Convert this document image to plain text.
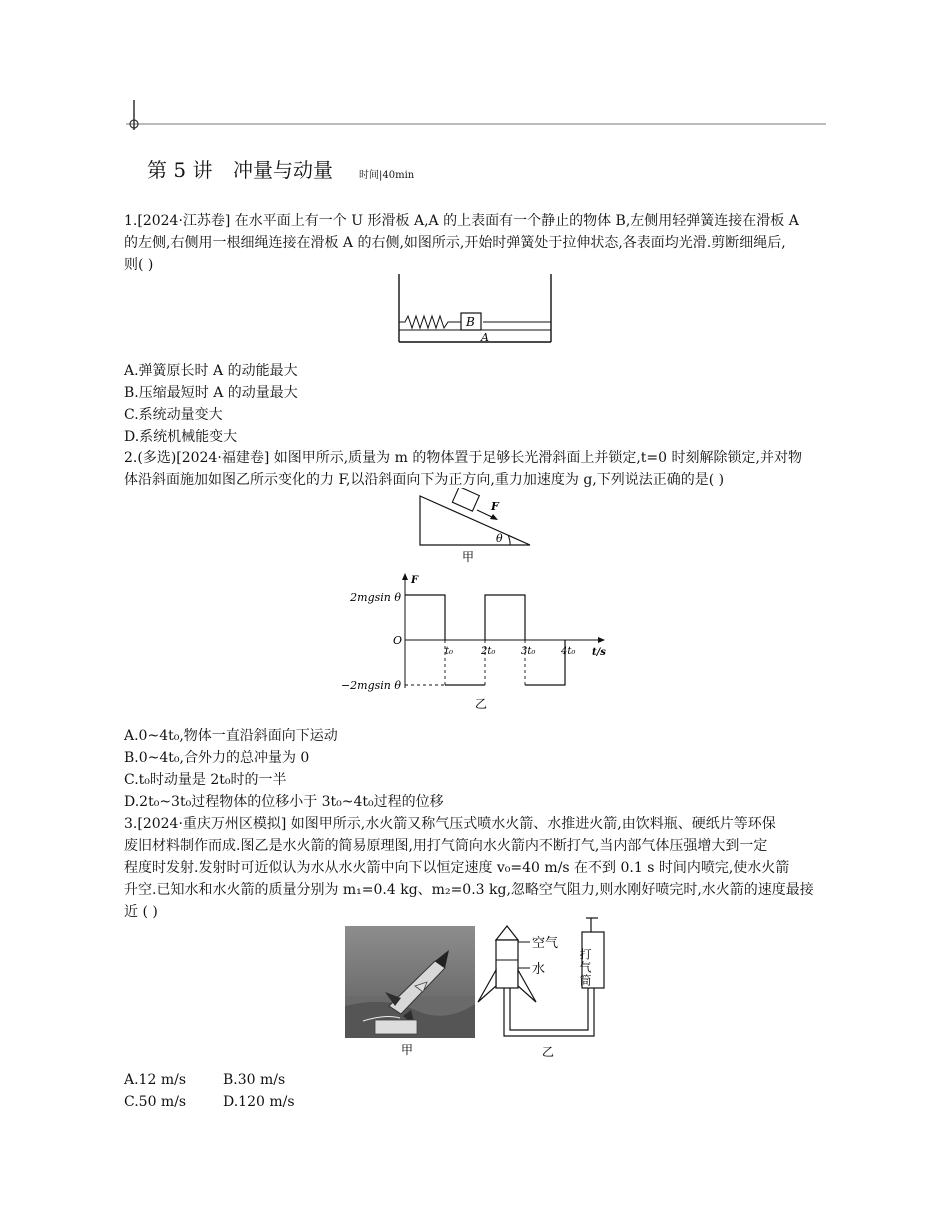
第 5 讲 冲量与动量	时间|40min
1.[2024·江苏卷] 在水平面上有一个 U 形滑板 A,A 的上表面有一个静止的物体 B,左侧用轻弹簧连接在滑板 A
的左侧,右侧用一根细绳连接在滑板 A 的右侧,如图所示,开始时弹簧处于拉伸状态,各表面均光滑.剪断细绳后,
则( )
B
A
A.弹簧原长时 A 的动能最大
B.压缩最短时 A 的动量最大
C.系统动量变大
D.系统机械能变大
2.(多选)[2024·福建卷] 如图甲所示,质量为 m 的物体置于足够长光滑斜面上并锁定,t=0 时刻解除锁定,并对物
体沿斜面施加如图乙所示变化的力 F,以沿斜面向下为正方向,重力加速度为 g,下列说法正确的是( )
F
θ
甲
F
t/s
O
2mgsin θ
−2mgsin θ
t₀	2t₀	3t₀	4t₀
乙
A.0~4t₀,物体一直沿斜面向下运动
B.0~4t₀,合外力的总冲量为 0
C.t₀时动量是 2t₀时的一半
D.2t₀~3t₀过程物体的位移小于 3t₀~4t₀过程的位移
3.[2024·重庆万州区模拟] 如图甲所示,水火箭又称气压式喷水火箭、水推进火箭,由饮料瓶、硬纸片等环保
废旧材料制作而成.图乙是水火箭的简易原理图,用打气筒向水火箭内不断打气,当内部气体压强增大到一定
程度时发射.发射时可近似认为水从水火箭中向下以恒定速度 v₀=40 m/s 在不到 0.1 s 时间内喷完,使水火箭
升空.已知水和水火箭的质量分别为 m₁=0.4 kg、m₂=0.3 kg,忽略空气阻力,则水刚好喷完时,水火箭的速度最接
近 ( )
甲
空气
水	打气筒
乙
A.12 m/s	B.30 m/s
C.50 m/s	D.120 m/s
